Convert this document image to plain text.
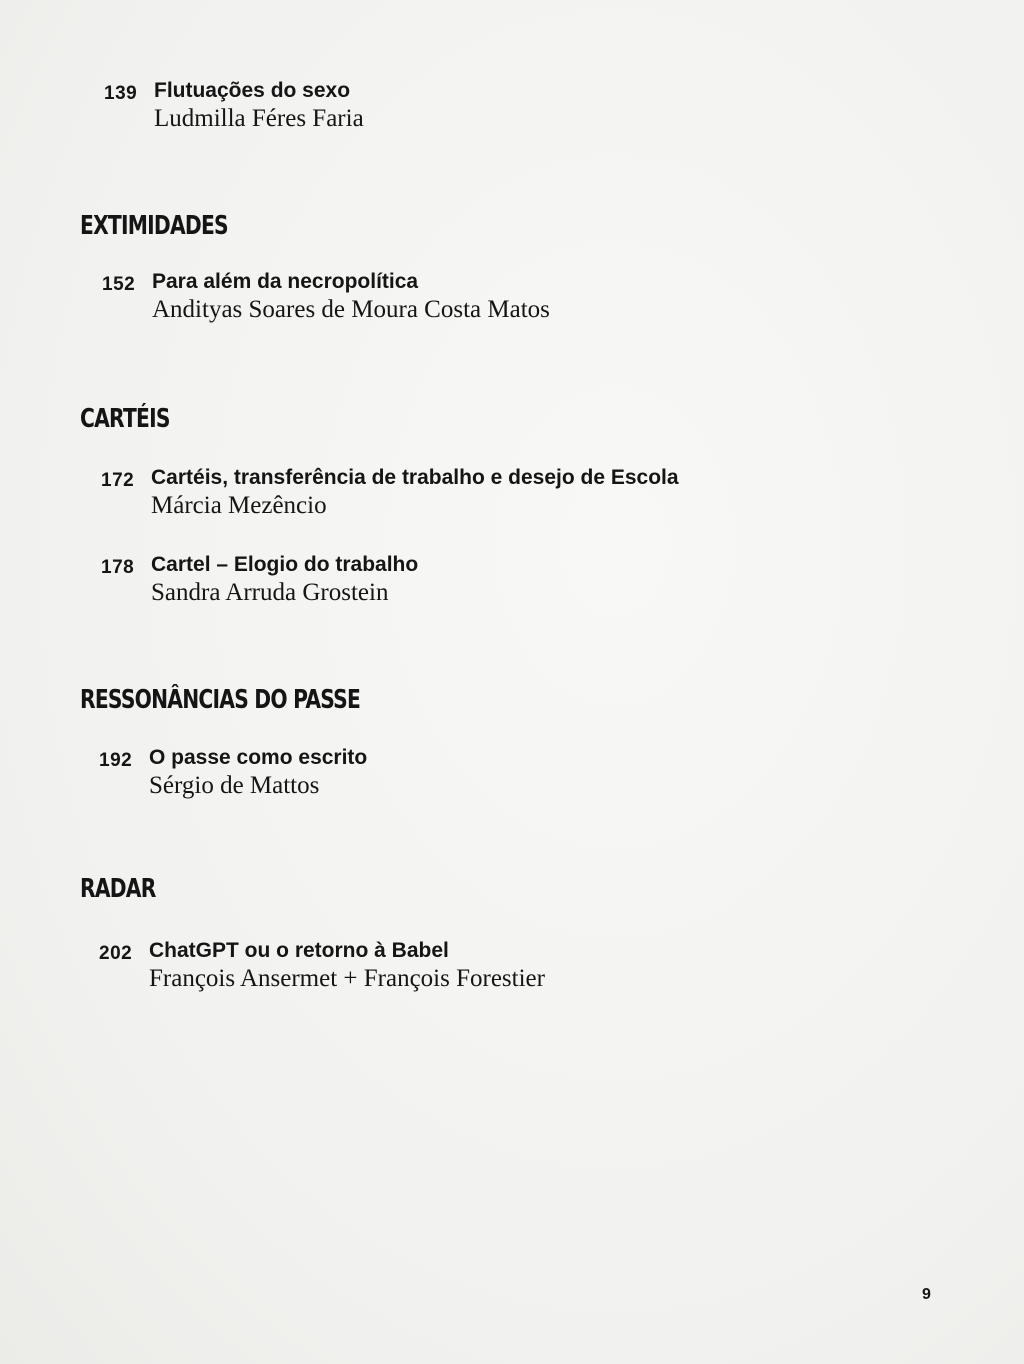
139 Flutuações do sexo
Ludmilla Féres Faria
EXTIMIDADES
152 Para além da necropolítica
Andityas Soares de Moura Costa Matos
CARTÉIS
172 Cartéis, transferência de trabalho e desejo de Escola
Márcia Mezêncio
178 Cartel – Elogio do trabalho
Sandra Arruda Grostein
RESSONÂNCIAS DO PASSE
192 O passe como escrito
Sérgio de Mattos
RADAR
202 ChatGPT ou o retorno à Babel
François Ansermet + François Forestier
9
